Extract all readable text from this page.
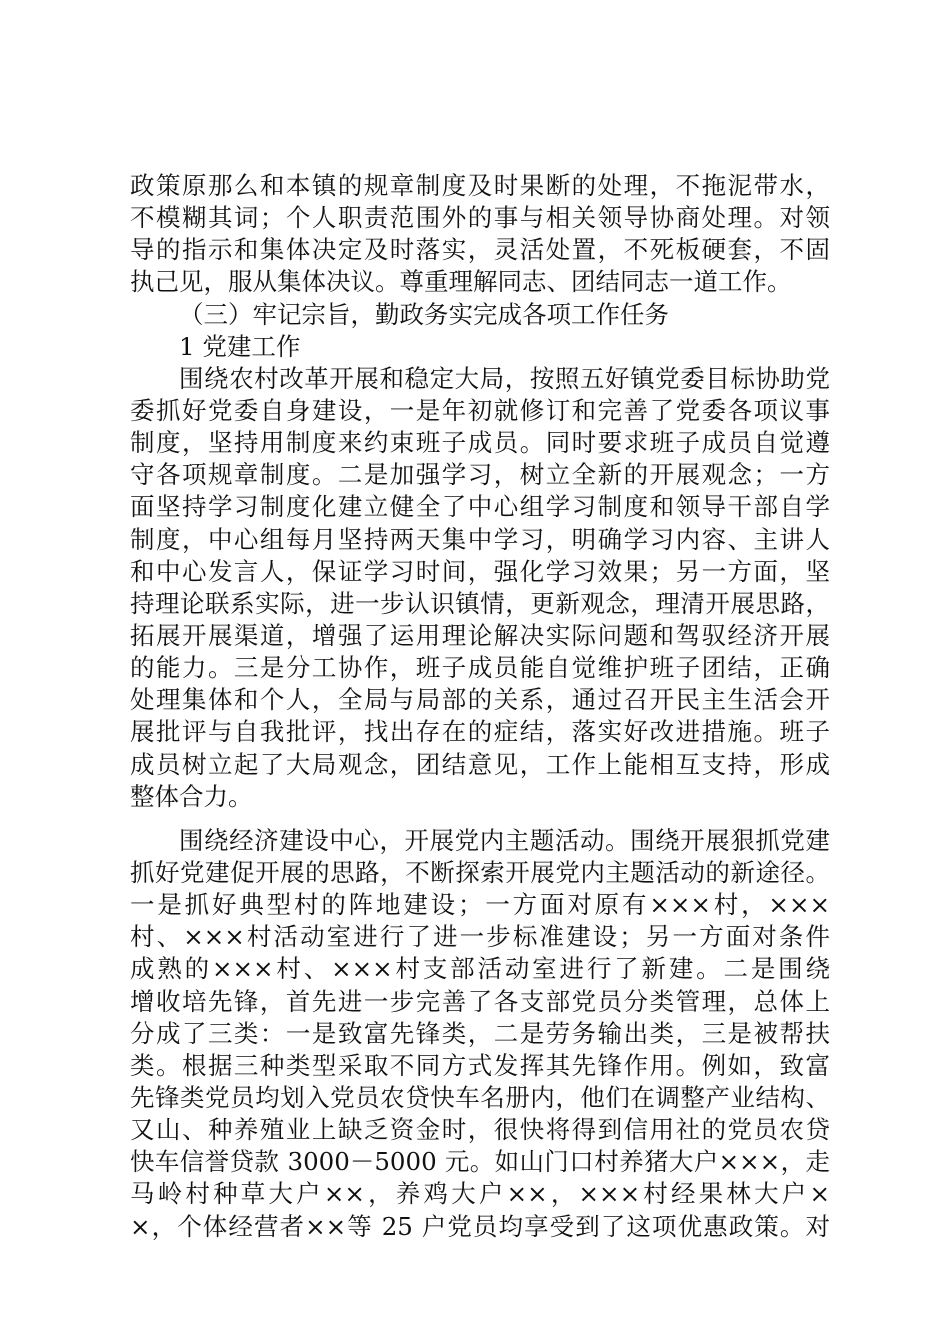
政策原那么和本镇的规章制度及时果断的处理，不拖泥带水，
不模糊其词；个人职责范围外的事与相关领导协商处理。对领
导的指示和集体决定及时落实，灵活处置，不死板硬套，不固
执己见，服从集体决议。尊重理解同志、团结同志一道工作。
（三）牢记宗旨，勤政务实完成各项工作任务
1 党建工作
围绕农村改革开展和稳定大局，按照五好镇党委目标协助党
委抓好党委自身建设，一是年初就修订和完善了党委各项议事
制度，坚持用制度来约束班子成员。同时要求班子成员自觉遵
守各项规章制度。二是加强学习，树立全新的开展观念；一方
面坚持学习制度化建立健全了中心组学习制度和领导干部自学
制度，中心组每月坚持两天集中学习，明确学习内容、主讲人
和中心发言人，保证学习时间，强化学习效果；另一方面，坚
持理论联系实际，进一步认识镇情，更新观念，理清开展思路，
拓展开展渠道，增强了运用理论解决实际问题和驾驭经济开展
的能力。三是分工协作，班子成员能自觉维护班子团结，正确
处理集体和个人，全局与局部的关系，通过召开民主生活会开
展批评与自我批评，找出存在的症结，落实好改进措施。班子
成员树立起了大局观念，团结意见，工作上能相互支持，形成
整体合力。
围绕经济建设中心，开展党内主题活动。围绕开展狠抓党建
抓好党建促开展的思路，不断探索开展党内主题活动的新途径。
一是抓好典型村的阵地建设；一方面对原有×××村，×××
村、×××村活动室进行了进一步标准建设；另一方面对条件
成熟的×××村、×××村支部活动室进行了新建。二是围绕
增收培先锋，首先进一步完善了各支部党员分类管理，总体上
分成了三类：一是致富先锋类，二是劳务输出类，三是被帮扶
类。根据三种类型采取不同方式发挥其先锋作用。例如，致富
先锋类党员均划入党员农贷快车名册内，他们在调整产业结构、
又山、种养殖业上缺乏资金时，很快将得到信用社的党员农贷
快车信誉贷款 3000－5000 元。如山门口村养猪大户×××，走
马岭村种草大户××，养鸡大户××，×××村经果林大户×
×，个体经营者××等 25 户党员均享受到了这项优惠政策。对
